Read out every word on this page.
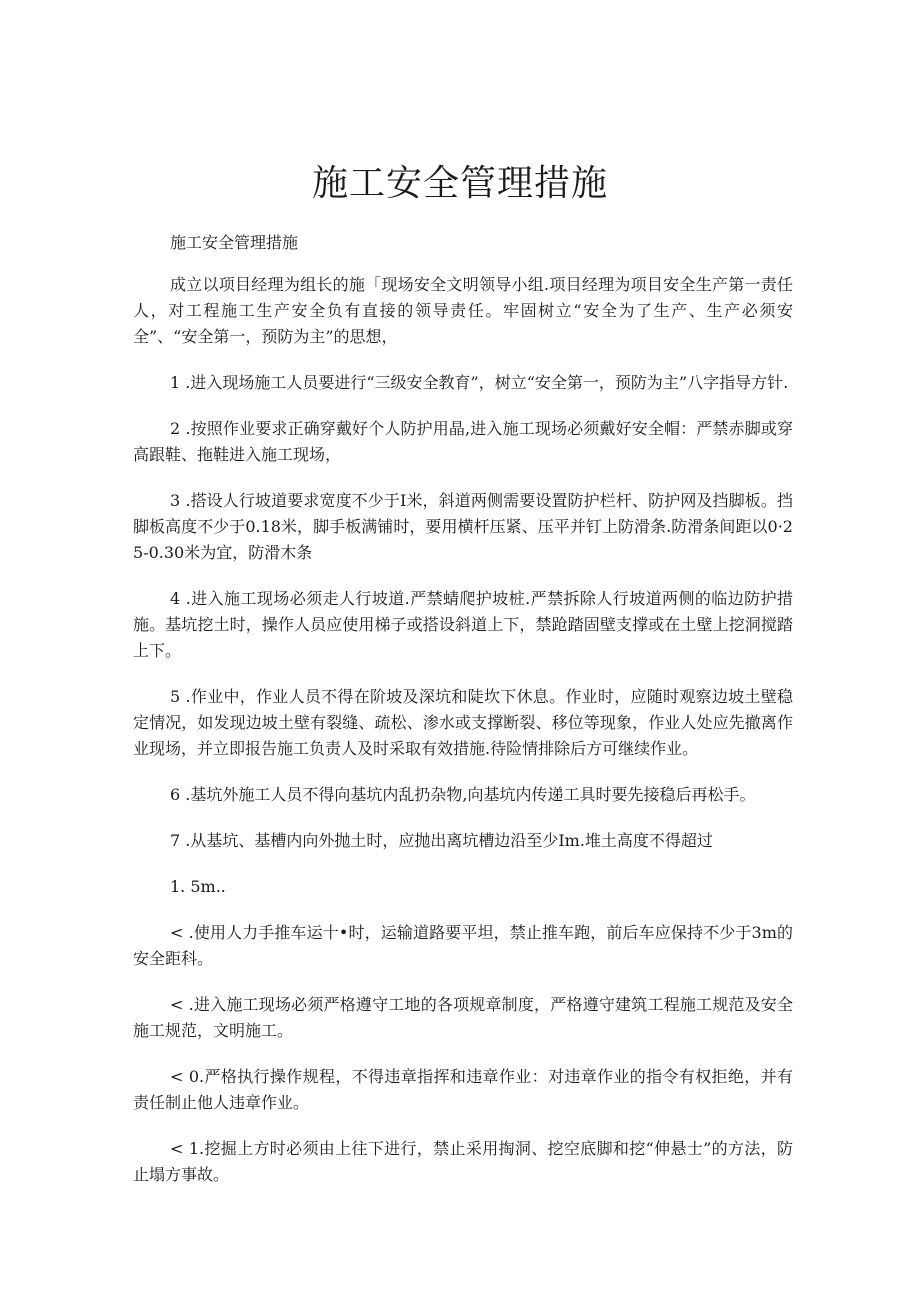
施工安全管理措施

施工安全管理措施

成立以项目经理为组长的施「现场安全文明领导小组.项目经理为项目安全生产第一责任人，对工程施工生产安全负有直接的领导责任。牢固树立“安全为了生产、生产必须安全”、“安全第一，预防为主”的思想，

1 .进入现场施工人员要进行“三级安全教育”，树立“安全第一，预防为主”八字指导方针.

2 .按照作业要求正确穿戴好个人防护用晶,进入施工现场必须戴好安全帽：严禁赤脚或穿高跟鞋、拖鞋进入施工现场，

3 .搭设人行坡道要求宽度不少于I米，斜道两侧需要设置防护栏杆、防护网及挡脚板。挡脚板高度不少于0.18米，脚手板满铺时，要用横杆压紧、压平并钉上防滑条.防滑条间距以0·25-0.30米为宜，防滑木条

4 .进入施工现场必须走人行坡道.严禁蜻爬护坡桩.严禁拆除人行坡道两侧的临边防护措施。基坑挖土时，操作人员应使用梯子或搭设斜道上下，禁跄踏固壁支撑或在土壁上挖洞搅踏上下。

5 .作业中，作业人员不得在阶坡及深坑和陡坎下休息。作业时，应随时观察边坡土壁稳定情况，如发现边坡土壁有裂缝、疏松、渗水或支撑断裂、移位等现象，作业人处应先撤离作业现场，并立即报告施工负责人及时采取有效措施.待险情排除后方可继续作业。

6 .基坑外施工人员不得向基坑内乱扔杂物,向基坑内传递工具时要先接稳后再松手。

7 .从基坑、基槽内向外抛土时，应抛出离坑槽边沿至少Im.堆土高度不得超过

1. 5m..

< .使用人力手推车运十•时，运输道路要平坦，禁止推车跑，前后车应保持不少于3m的安全距科。

< .进入施工现场必须严格遵守工地的各项规章制度，严格遵守建筑工程施工规范及安全施工规范，文明施工。

< 0.严格执行操作规程，不得违章指挥和违章作业：对违章作业的指令有权拒绝，并有责任制止他人违章作业。

< 1.挖掘上方时必须由上往下进行，禁止采用掏洞、挖空底脚和挖“伸悬士”的方法，防止塌方事故。
